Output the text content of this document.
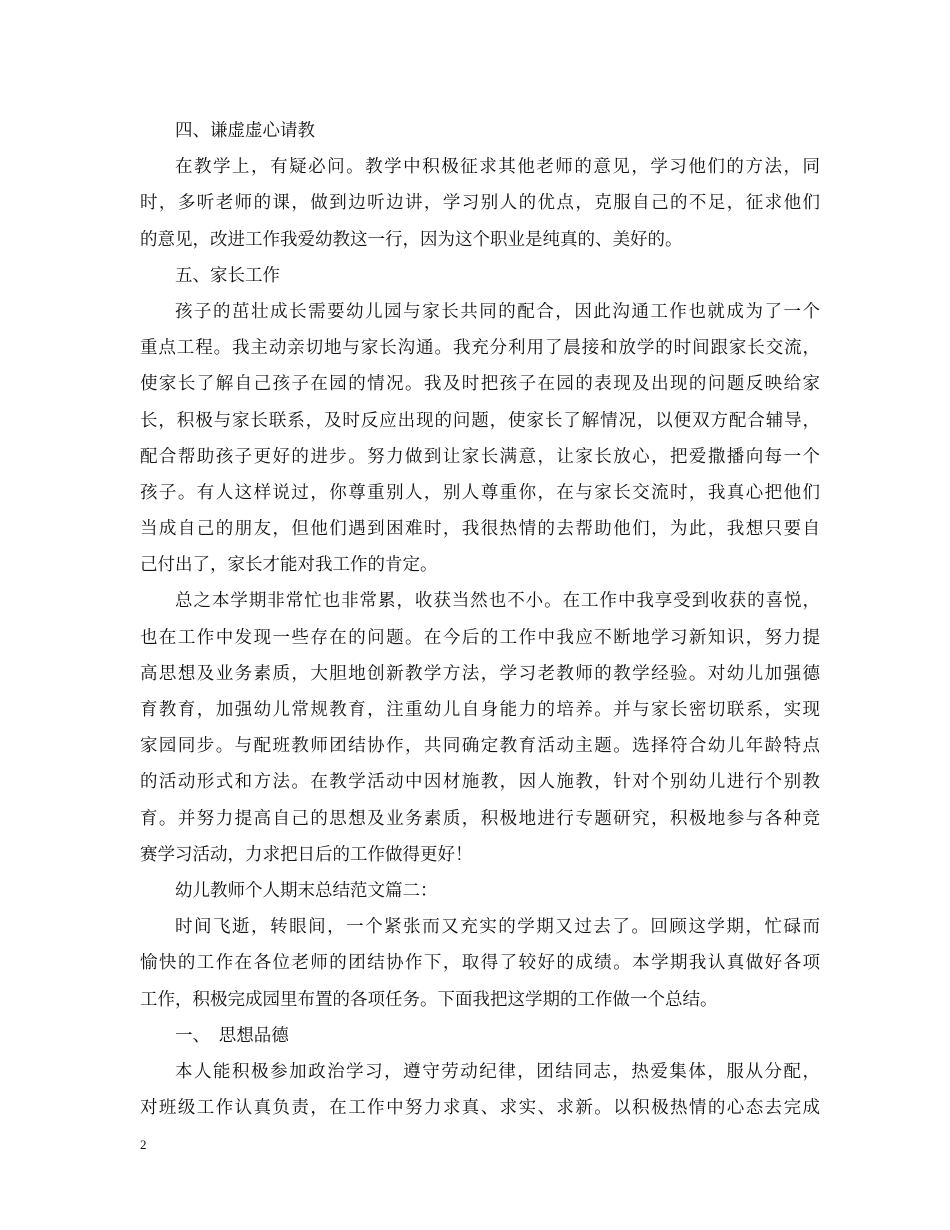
四、谦虚虚心请教
在教学上，有疑必问。教学中积极征求其他老师的意见，学习他们的方法，同
时，多听老师的课，做到边听边讲，学习别人的优点，克服自己的不足，征求他们
的意见，改进工作我爱幼教这一行，因为这个职业是纯真的、美好的。
五、家长工作
孩子的茁壮成长需要幼儿园与家长共同的配合，因此沟通工作也就成为了一个
重点工程。我主动亲切地与家长沟通。我充分利用了晨接和放学的时间跟家长交流，
使家长了解自己孩子在园的情况。我及时把孩子在园的表现及出现的问题反映给家
长，积极与家长联系，及时反应出现的问题，使家长了解情况，以便双方配合辅导，
配合帮助孩子更好的进步。努力做到让家长满意，让家长放心，把爱撒播向每一个
孩子。有人这样说过，你尊重别人，别人尊重你，在与家长交流时，我真心把他们
当成自己的朋友，但他们遇到困难时，我很热情的去帮助他们，为此，我想只要自
己付出了，家长才能对我工作的肯定。
总之本学期非常忙也非常累，收获当然也不小。在工作中我享受到收获的喜悦，
也在工作中发现一些存在的问题。在今后的工作中我应不断地学习新知识，努力提
高思想及业务素质，大胆地创新教学方法，学习老教师的教学经验。对幼儿加强德
育教育，加强幼儿常规教育，注重幼儿自身能力的培养。并与家长密切联系，实现
家园同步。与配班教师团结协作，共同确定教育活动主题。选择符合幼儿年龄特点
的活动形式和方法。在教学活动中因材施教，因人施教，针对个别幼儿进行个别教
育。并努力提高自己的思想及业务素质，积极地进行专题研究，积极地参与各种竞
赛学习活动，力求把日后的工作做得更好！
幼儿教师个人期末总结范文篇二：
时间飞逝，转眼间，一个紧张而又充实的学期又过去了。回顾这学期，忙碌而
愉快的工作在各位老师的团结协作下，取得了较好的成绩。本学期我认真做好各项
工作，积极完成园里布置的各项任务。下面我把这学期的工作做一个总结。
一、　思想品德
本人能积极参加政治学习，遵守劳动纪律，团结同志，热爱集体，服从分配，
对班级工作认真负责，在工作中努力求真、求实、求新。以积极热情的心态去完成
2
